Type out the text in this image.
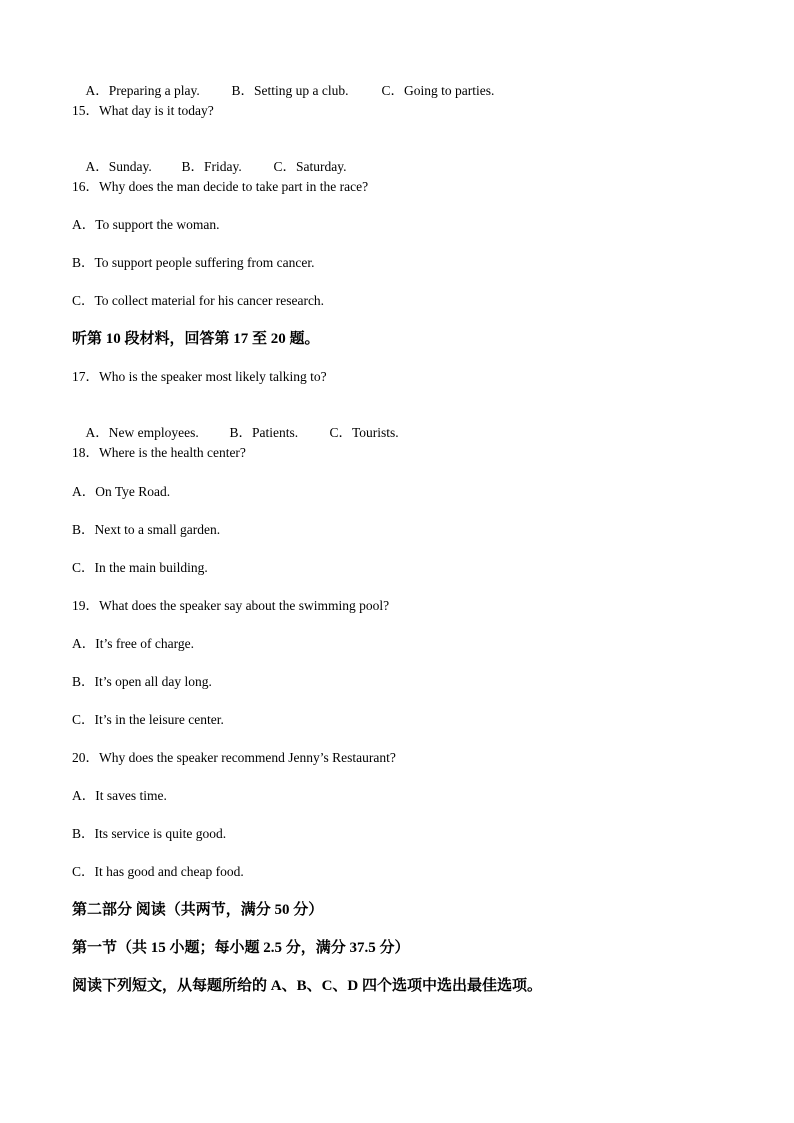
A．Preparing a play. B．Setting up a club. C．Going to parties.

15．What day is it today?

A．Sunday. B．Friday. C．Saturday.

16．Why does the man decide to take part in the race?
A．To support the woman.
B．To support people suffering from cancer.
C．To collect material for his cancer research.
听第 10 段材料，回答第 17 至 20 题。
17．Who is the speaker most likely talking to?

A．New employees. B．Patients. C．Tourists.

18．Where is the health center?
A．On Tye Road.
B．Next to a small garden.
C．In the main building.
19．What does the speaker say about the swimming pool?
A．It’s free of charge.
B．It’s open all day long.
C．It’s in the leisure center.
20．Why does the speaker recommend Jenny’s Restaurant?
A．It saves time.
B．Its service is quite good.
C．It has good and cheap food.
第二部分 阅读（共两节，满分 50 分）
第一节（共 15 小题；每小题 2.5 分，满分 37.5 分）
阅读下列短文，从每题所给的 A、B、C、D 四个选项中选出最佳选项。
